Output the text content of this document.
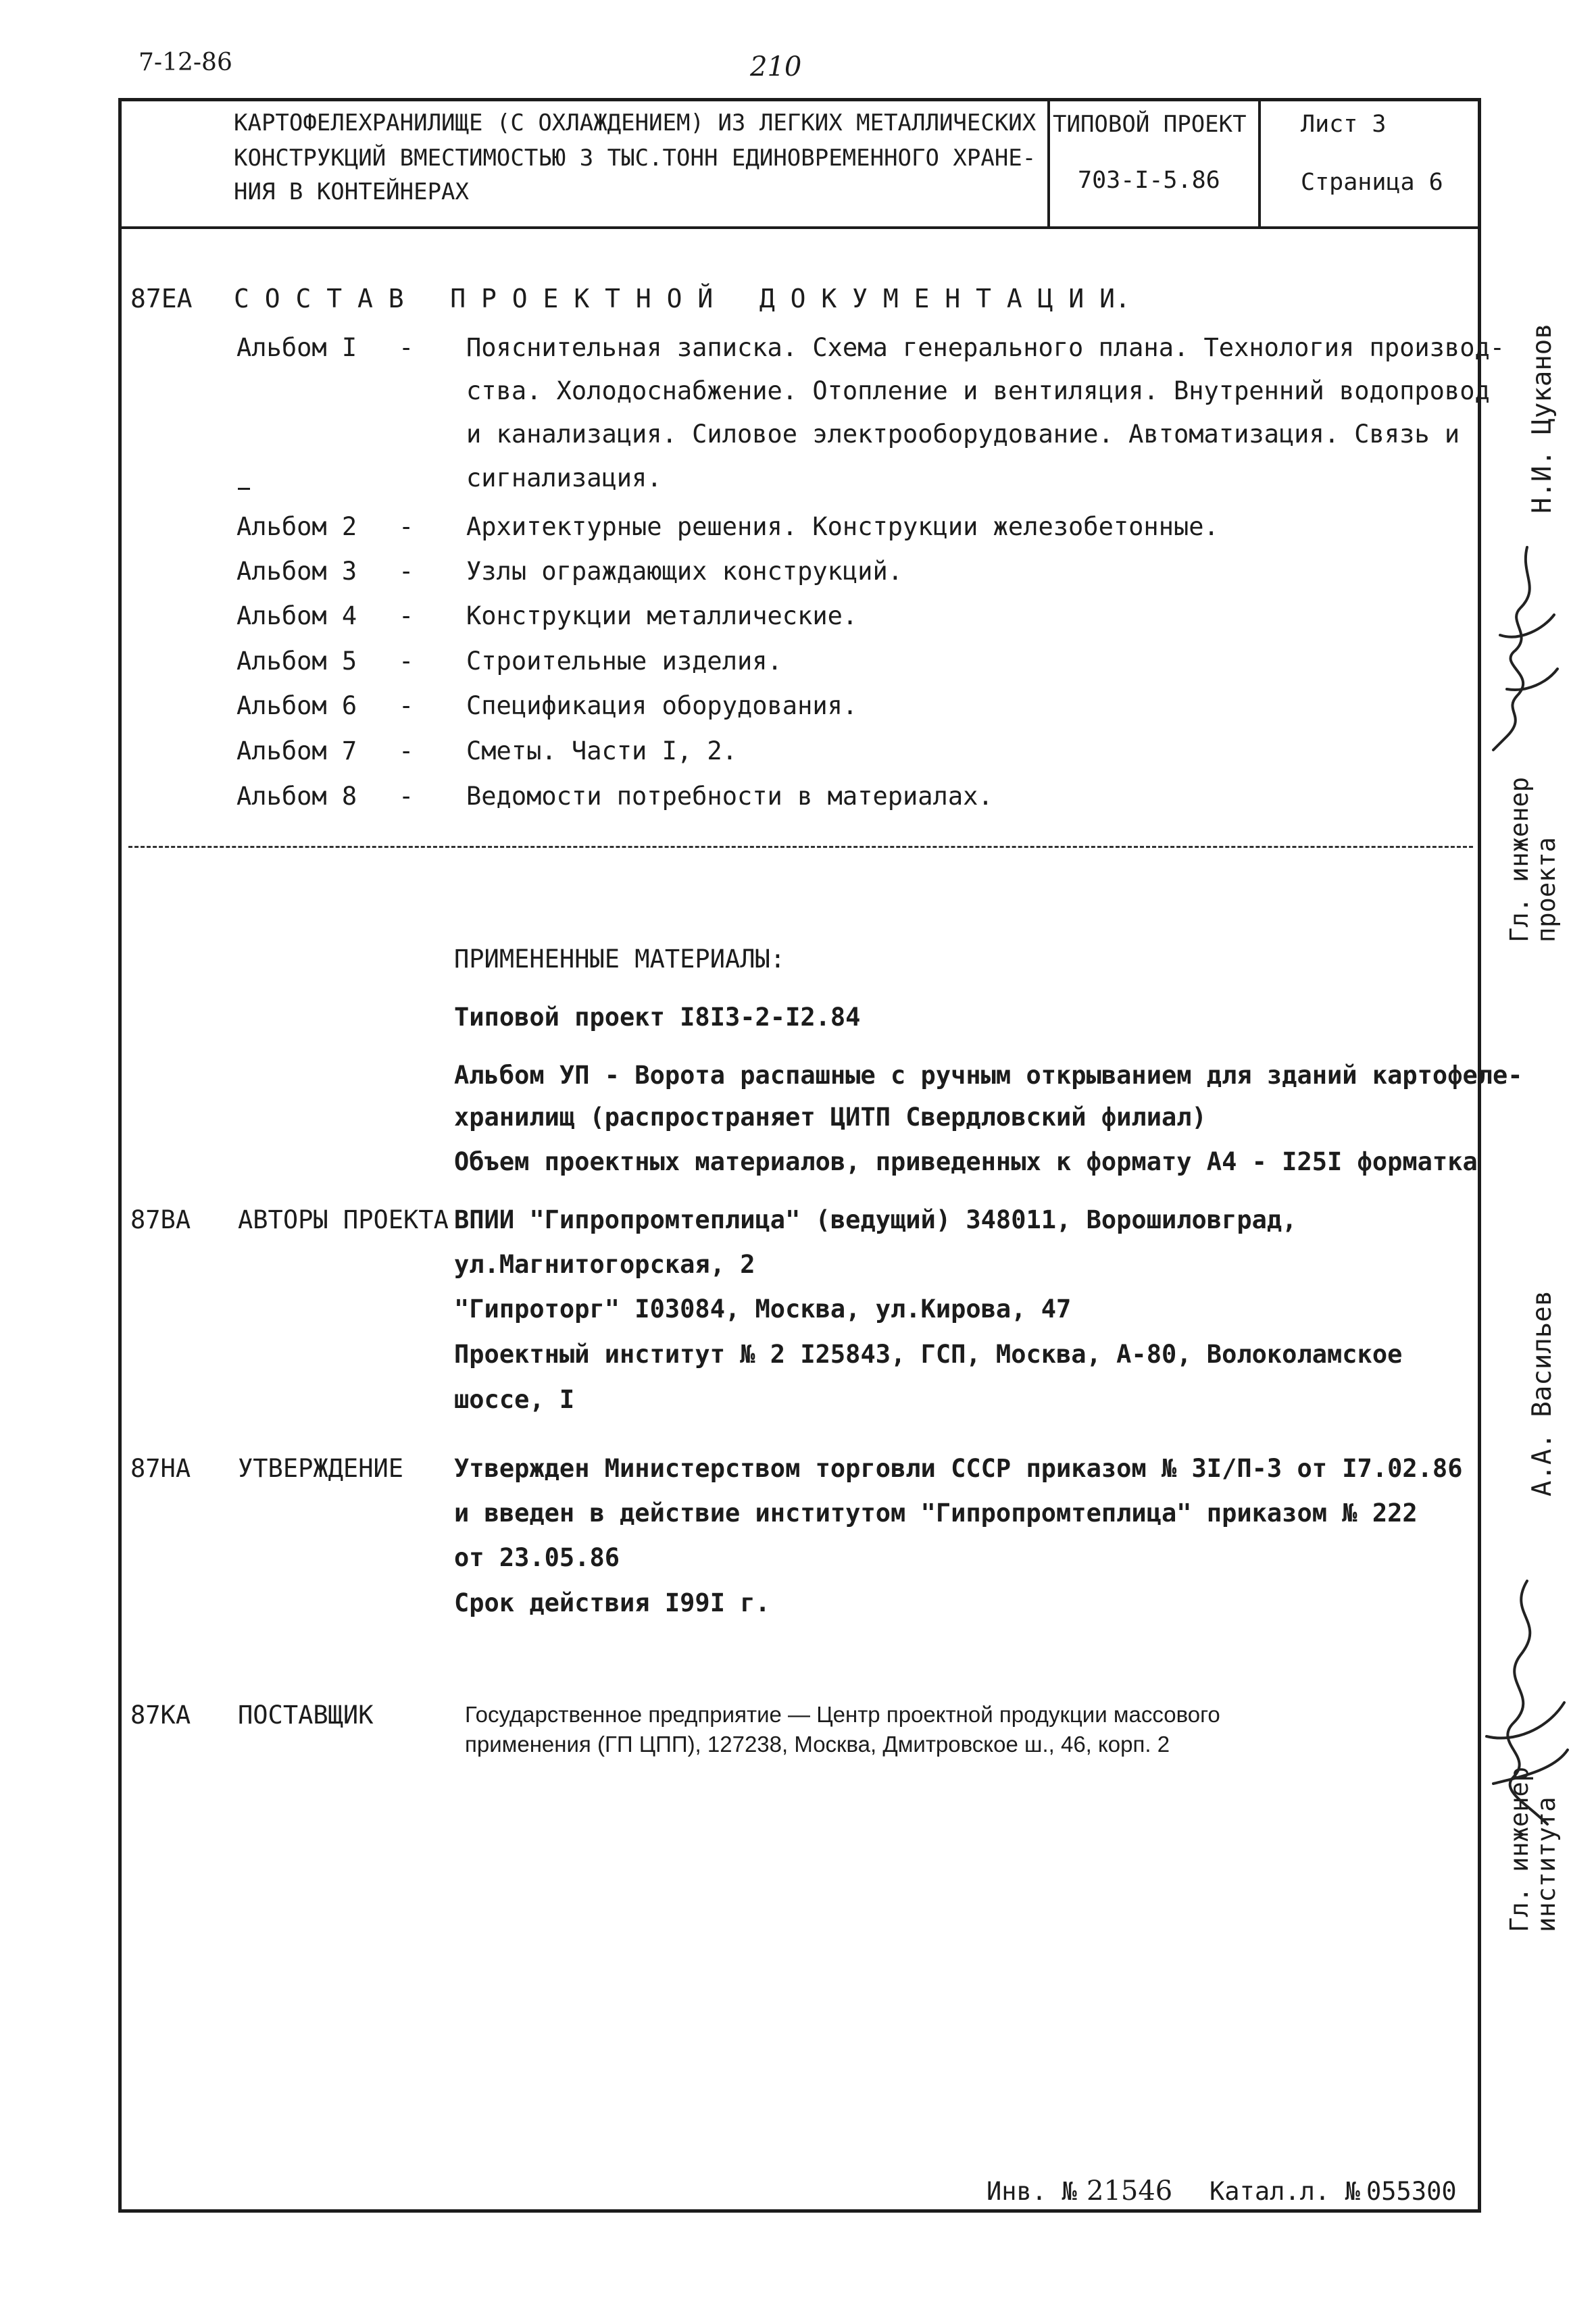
7-12-86	210
КАРТОФЕЛЕХРАНИЛИЩЕ (С ОХЛАЖДЕНИЕМ) ИЗ ЛЕГКИХ МЕТАЛЛИЧЕСКИХ
КОНСТРУКЦИЙ ВМЕСТИМОСТЬЮ 3 ТЫС.ТОНН ЕДИНОВРЕМЕННОГО ХРАНЕ-
НИЯ В КОНТЕЙНЕРАХ
ТИПОВОЙ ПРОЕКТ
703-I-5.86
Лист 3
Страница 6
87ЕА С О С Т А В   П Р О Е К Т Н О Й   Д О К У М Е Н Т А Ц И И.
Альбом I - Пояснительная записка. Схема генерального плана. Технология производ-
ства. Холодоснабжение. Отопление и вентиляция. Внутренний водопровод
и канализация. Силовое электрооборудование. Автоматизация. Связь и
сигнализация.
Альбом 2 - Архитектурные решения. Конструкции железобетонные.
Альбом 3 - Узлы ограждающих конструкций.
Альбом 4 - Конструкции металлические.
Альбом 5 - Строительные изделия.
Альбом 6 - Спецификация оборудования.
Альбом 7 - Сметы. Части I, 2.
Альбом 8 - Ведомости потребности в материалах.
ПРИМЕНЕННЫЕ МАТЕРИАЛЫ:
Типовой проект I8I3-2-I2.84
Альбом УП - Ворота распашные с ручным открыванием для зданий картофеле-
хранилищ (распространяет ЦИТП Свердловский филиал)
Объем проектных материалов, приведенных к формату А4 - I25I форматка
87ВА АВТОРЫ ПРОЕКТА ВПИИ "Гипропромтеплица" (ведущий) 348011, Ворошиловград,
ул.Магнитогорская, 2
"Гипроторг" I03084, Москва, ул.Кирова, 47
Проектный институт № 2 I25843, ГСП, Москва, А-80, Волоколамское
шоссе, I
87НА УТВЕРЖДЕНИЕ Утвержден Министерством торговли СССР приказом № 3I/П-3 от I7.02.86
и введен в действие институтом "Гипропромтеплица" приказом № 222
от 23.05.86
Срок действия I99I г.
87КА ПОСТАВЩИК	Государственное предприятие — Центр проектной продукции массового
применения (ГП ЦПП), 127238, Москва, Дмитровское ш., 46, корп. 2
Гл. инженер
проекта
Н.И. Цуканов
Гл. инженер
института
А.А. Васильев
Инв. № 21546 Катал.л. № 055300
